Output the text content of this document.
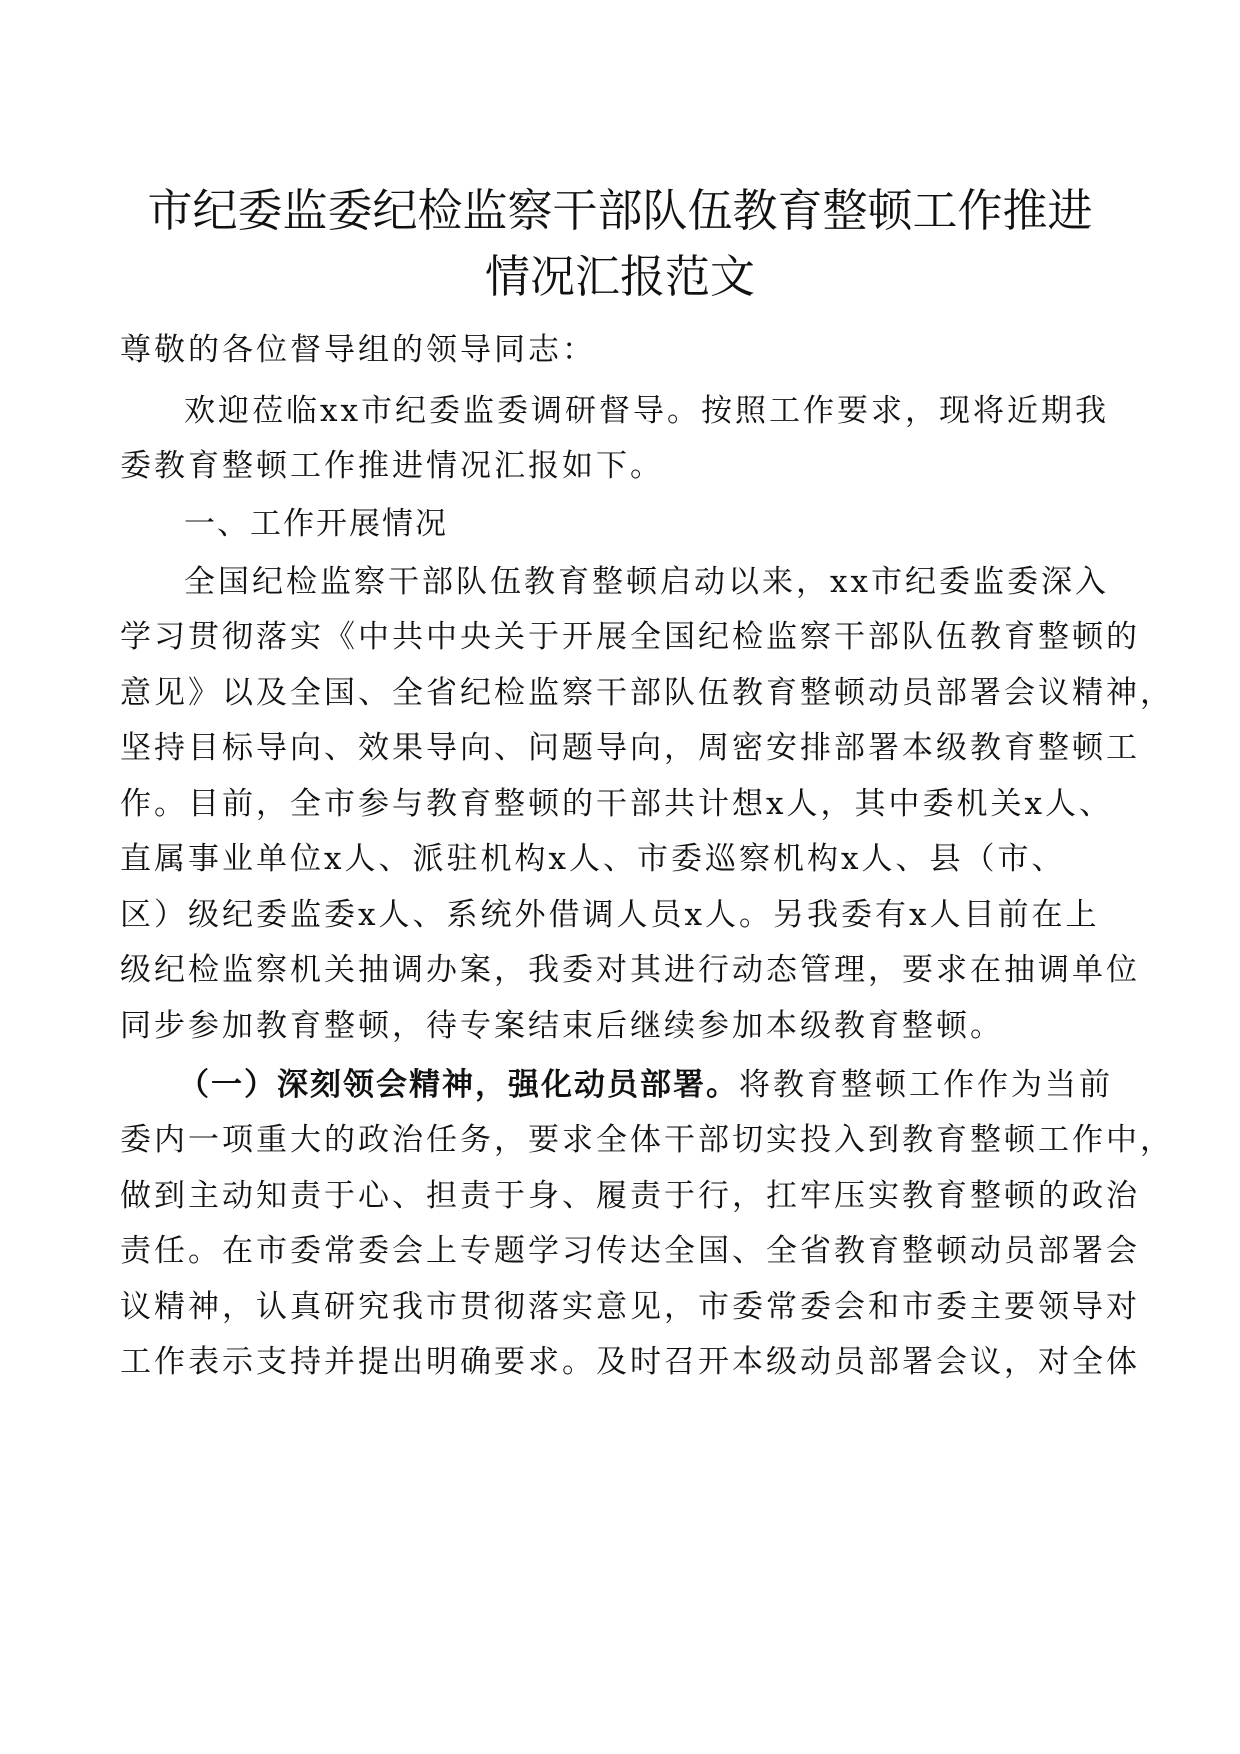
市纪委监委纪检监察干部队伍教育整顿工作推进
情况汇报范文
尊敬的各位督导组的领导同志：
欢迎莅临xx市纪委监委调研督导。按照工作要求，现将近期我
委教育整顿工作推进情况汇报如下。
一、工作开展情况
全国纪检监察干部队伍教育整顿启动以来，xx市纪委监委深入
学习贯彻落实《中共中央关于开展全国纪检监察干部队伍教育整顿的
意见》以及全国、全省纪检监察干部队伍教育整顿动员部署会议精神，
坚持目标导向、效果导向、问题导向，周密安排部署本级教育整顿工
作。目前，全市参与教育整顿的干部共计想x人，其中委机关x人、
直属事业单位x人、派驻机构x人、市委巡察机构x人、县（市、
区）级纪委监委x人、系统外借调人员x人。另我委有x人目前在上
级纪检监察机关抽调办案，我委对其进行动态管理，要求在抽调单位
同步参加教育整顿，待专案结束后继续参加本级教育整顿。
（一）深刻领会精神，强化动员部署。将教育整顿工作作为当前
委内一项重大的政治任务，要求全体干部切实投入到教育整顿工作中，
做到主动知责于心、担责于身、履责于行，扛牢压实教育整顿的政治
责任。在市委常委会上专题学习传达全国、全省教育整顿动员部署会
议精神，认真研究我市贯彻落实意见，市委常委会和市委主要领导对
工作表示支持并提出明确要求。及时召开本级动员部署会议，对全体
